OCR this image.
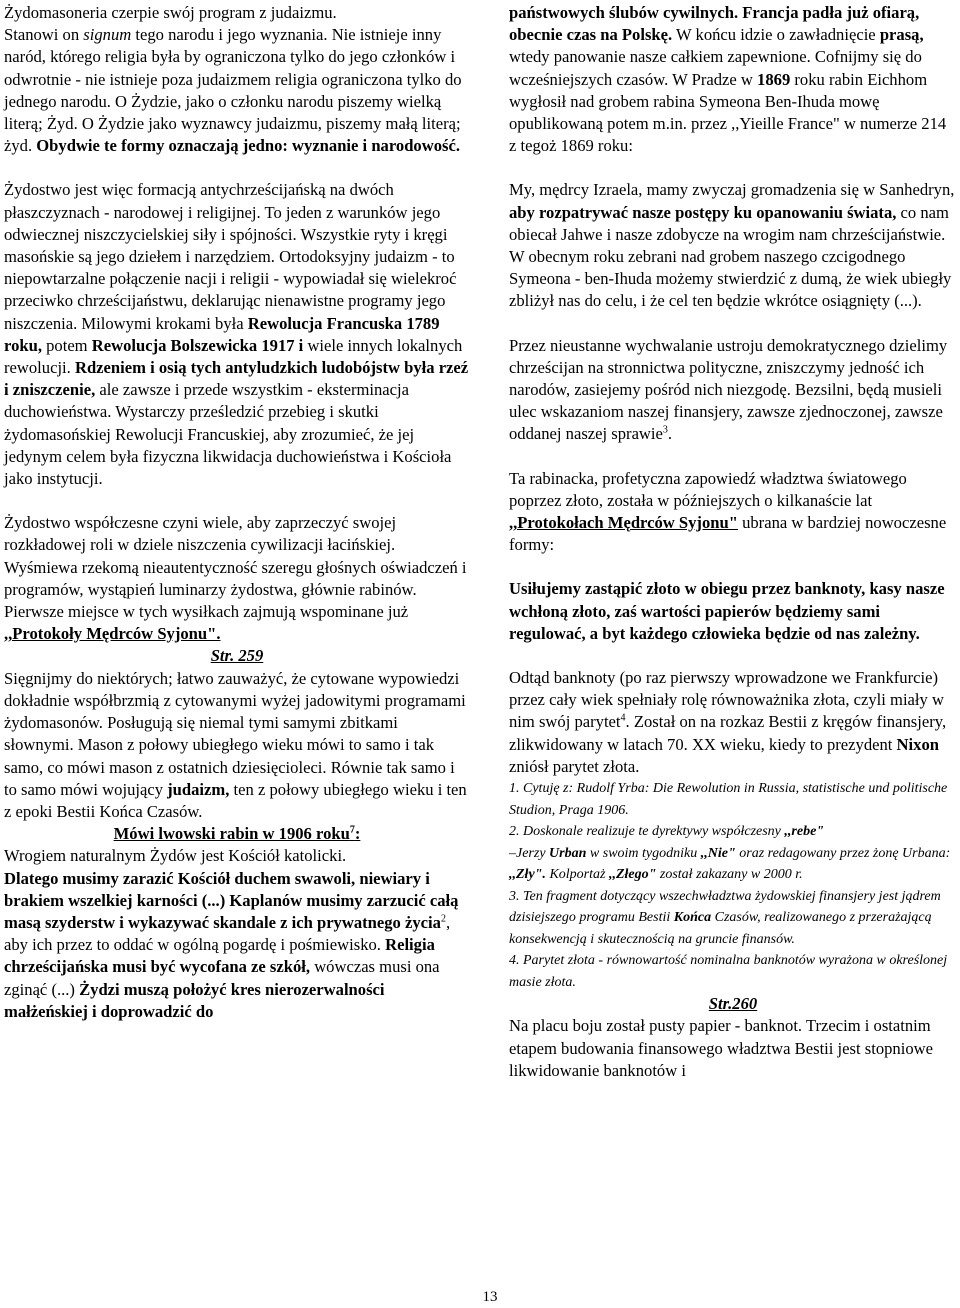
Żydomasoneria czerpie swój program z judaizmu.
Stanowi on signum tego narodu i jego wyznania. Nie istnieje inny naród, którego religia była by ograniczona tylko do jego członków i odwrotnie - nie istnieje poza judaizmem religia ograniczona tylko do jednego narodu. O Żydzie, jako o członku narodu piszemy wielką literą; Żyd. O Żydzie jako wyznawcy judaizmu, piszemy małą literą; żyd. Obydwie te formy oznaczają jedno: wyznanie i narodowość.

Żydostwo jest więc formacją antychrześcijańską na dwóch płaszczyznach - narodowej i religijnej. To jeden z warunków jego odwiecznej niszczycielskiej siły i spójności. Wszystkie ryty i kręgi masońskie są jego dziełem i narzędziem. Ortodoksyjny judaizm - to niepowtarzalne połączenie nacji i religii - wypowiadał się wielekroć przeciwko chrześcijaństwu, deklarując nienawistne programy jego niszczenia. Milowymi krokami była Rewolucja Francuska 1789 roku, potem Rewolucja Bolszewicka 1917 i wiele innych lokalnych rewolucji. Rdzeniem i osią tych antyludzkich ludobójstw była rzeź i zniszczenie, ale zawsze i przede wszystkim - eksterminacja duchowieństwa. Wystarczy prześledzić przebieg i skutki żydomasońskiej Rewolucji Francuskiej, aby zrozumieć, że jej jedynym celem była fizyczna likwidacja duchowieństwa i Kościoła jako instytucji.

Żydostwo współczesne czyni wiele, aby zaprzeczyć swojej rozkładowej roli w dziele niszczenia cywilizacji łacińskiej. Wyśmiewa rzekomą nieautentyczność szeregu głośnych oświadczeń i programów, wystąpień luminarzy żydostwa, głównie rabinów. Pierwsze miejsce w tych wysiłkach zajmują wspominane już
,,Protokoły Mędrców Syjonu".

Str. 259

Sięgnijmy do niektórych; łatwo zauważyć, że cytowane wypowiedzi dokładnie współbrzmią z cytowanymi wyżej jadowitymi programami żydomasonów. Posługują się niemal tymi samymi zbitkami słownymi. Mason z połowy ubiegłego wieku mówi to samo i tak samo, co mówi mason z ostatnich dziesięcioleci. Równie tak samo i to samo mówi wojujący judaizm, ten z połowy ubiegłego wieku i ten z epoki Bestii Końca Czasów.

Mówi lwowski rabin w 1906 roku$^7$:

Wrogiem naturalnym Żydów jest Kościół katolicki.
Dlatego musimy zarazić Kościół duchem swawoli, niewiary i brakiem wszelkiej karności (...) Kaplanów musimy zarzucić całą masą szyderstw i wykazywać skandale z ich prywatnego życia$^2$, aby ich przez to oddać w ogólną pogardę i pośmiewisko. Religia chrześcijańska musi być wycofana ze szkół, wówczas musi ona zginąć (...) Żydzi muszą położyć kres nierozerwalności małżeńskiej i doprowadzić do

państwowych ślubów cywilnych. Francja padła już ofiarą, obecnie czas na Polskę. W końcu idzie o zawładnięcie prasą, wtedy panowanie nasze całkiem zapewnione. Cofnijmy się do wcześniejszych czasów. W Pradze w 1869 roku rabin Eichhom wygłosił nad grobem rabina Symeona Ben-Ihuda mowę opublikowaną potem m.in. przez ,,Yieille France" w numerze 214 z tegoż 1869 roku:

My, mędrcy Izraela, mamy zwyczaj gromadzenia się w Sanhedryn, aby rozpatrywać nasze postępy ku opanowaniu świata, co nam obiecał Jahwe i nasze zdobycze na wrogim nam chrześcijaństwie. W obecnym roku zebrani nad grobem naszego czcigodnego Symeona - ben-Ihuda możemy stwierdzić z dumą, że wiek ubiegły zbliżył nas do celu, i że cel ten będzie wkrótce osiągnięty (...).

Przez nieustanne wychwalanie ustroju demokratycznego dzielimy chrześcijan na stronnictwa polityczne, zniszczymy jedność ich narodów, zasiejemy pośród nich niezgodę. Bezsilni, będą musieli ulec wskazaniom naszej finansjery, zawsze zjednoczonej, zawsze oddanej naszej sprawie$^3$.

Ta rabinacka, profetyczna zapowiedź władztwa światowego poprzez złoto, została w późniejszych o kilkanaście lat ,,Protokołach Mędrców Syjonu" ubrana w bardziej nowoczesne formy:

Usiłujemy zastąpić złoto w obiegu przez banknoty, kasy nasze wchłoną złoto, zaś wartości papierów będziemy sami regulować, a byt każdego człowieka będzie od nas zależny.

Odtąd banknoty (po raz pierwszy wprowadzone we Frankfurcie) przez cały wiek spełniały rolę równoważnika złota, czyli miały w nim swój parytet$^4$. Został on na rozkaz Bestii z kręgów finansjery, zlikwidowany w latach 70. XX wieku, kiedy to prezydent Nixon zniósł parytet złota.

1. Cytuję z: Rudolf Yrba: Die Rewolution in Russia, statistische und politische Studion, Praga 1906.

2. Doskonale realizuje te dyrektywy współczesny ,,rebe"
–Jerzy Urban w swoim tygodniku ,,Nie" oraz redagowany przez żonę Urbana: ,,Zły". Kolportaż ,,Złego" został zakazany w 2000 r.

3. Ten fragment dotyczący wszechwładztwa żydowskiej finansjery jest jądrem dzisiejszego programu Bestii Końca Czasów, realizowanego z przerażającą konsekwencją i skutecznością na gruncie finansów.

4. Parytet złota - równowartość nominalna banknotów wyrażona w określonej masie złota.

Str.260

Na placu boju został pusty papier - banknot. Trzecim i ostatnim etapem budowania finansowego władztwa Bestii jest stopniowe likwidowanie banknotów i

13
